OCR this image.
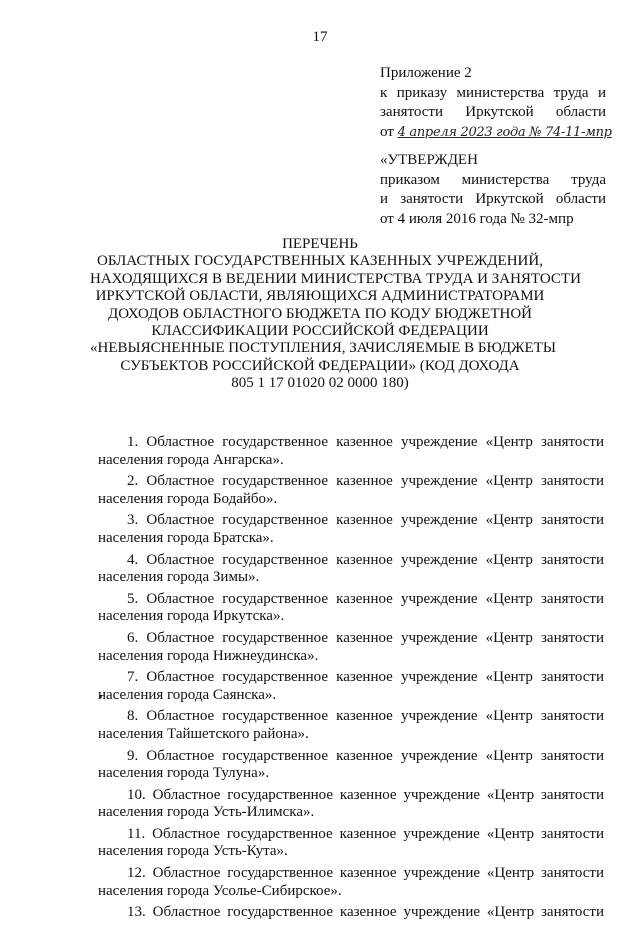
17
Приложение 2
к приказу министерства труда и
занятости Иркутской области
от 4 апреля 2023 года № 74-11-мпр
«УТВЕРЖДЕН
приказом министерства труда
и занятости Иркутской области
от 4 июля 2016 года № 32-мпр
ПЕРЕЧЕНЬ
ОБЛАСТНЫХ ГОСУДАРСТВЕННЫХ КАЗЕННЫХ УЧРЕЖДЕНИЙ,
НАХОДЯЩИХСЯ В ВЕДЕНИИ МИНИСТЕРСТВА ТРУДА И ЗАНЯТОСТИ
ИРКУТСКОЙ ОБЛАСТИ, ЯВЛЯЮЩИХСЯ АДМИНИСТРАТОРАМИ
ДОХОДОВ ОБЛАСТНОГО БЮДЖЕТА ПО КОДУ БЮДЖЕТНОЙ
КЛАССИФИКАЦИИ РОССИЙСКОЙ ФЕДЕРАЦИИ
«НЕВЫЯСНЕННЫЕ ПОСТУПЛЕНИЯ, ЗАЧИСЛЯЕМЫЕ В БЮДЖЕТЫ
СУБЪЕКТОВ РОССИЙСКОЙ ФЕДЕРАЦИИ» (КОД ДОХОДА
805 1 17 01020 02 0000 180)
1. Областное государственное казенное учреждение «Центр занятости
населения города Ангарска».
2. Областное государственное казенное учреждение «Центр занятости
населения города Бодайбо».
3. Областное государственное казенное учреждение «Центр занятости
населения города Братска».
4. Областное государственное казенное учреждение «Центр занятости
населения города Зимы».
5. Областное государственное казенное учреждение «Центр занятости
населения города Иркутска».
6. Областное государственное казенное учреждение «Центр занятости
населения города Нижнеудинска».
7. Областное государственное казенное учреждение «Центр занятости
населения города Саянска».
8. Областное государственное казенное учреждение «Центр занятости
населения Тайшетского района».
9. Областное государственное казенное учреждение «Центр занятости
населения города Тулуна».
10. Областное государственное казенное учреждение «Центр занятости
населения города Усть-Илимска».
11. Областное государственное казенное учреждение «Центр занятости
населения города Усть-Кута».
12. Областное государственное казенное учреждение «Центр занятости
населения города Усолье-Сибирское».
13. Областное государственное казенное учреждение «Центр занятости
